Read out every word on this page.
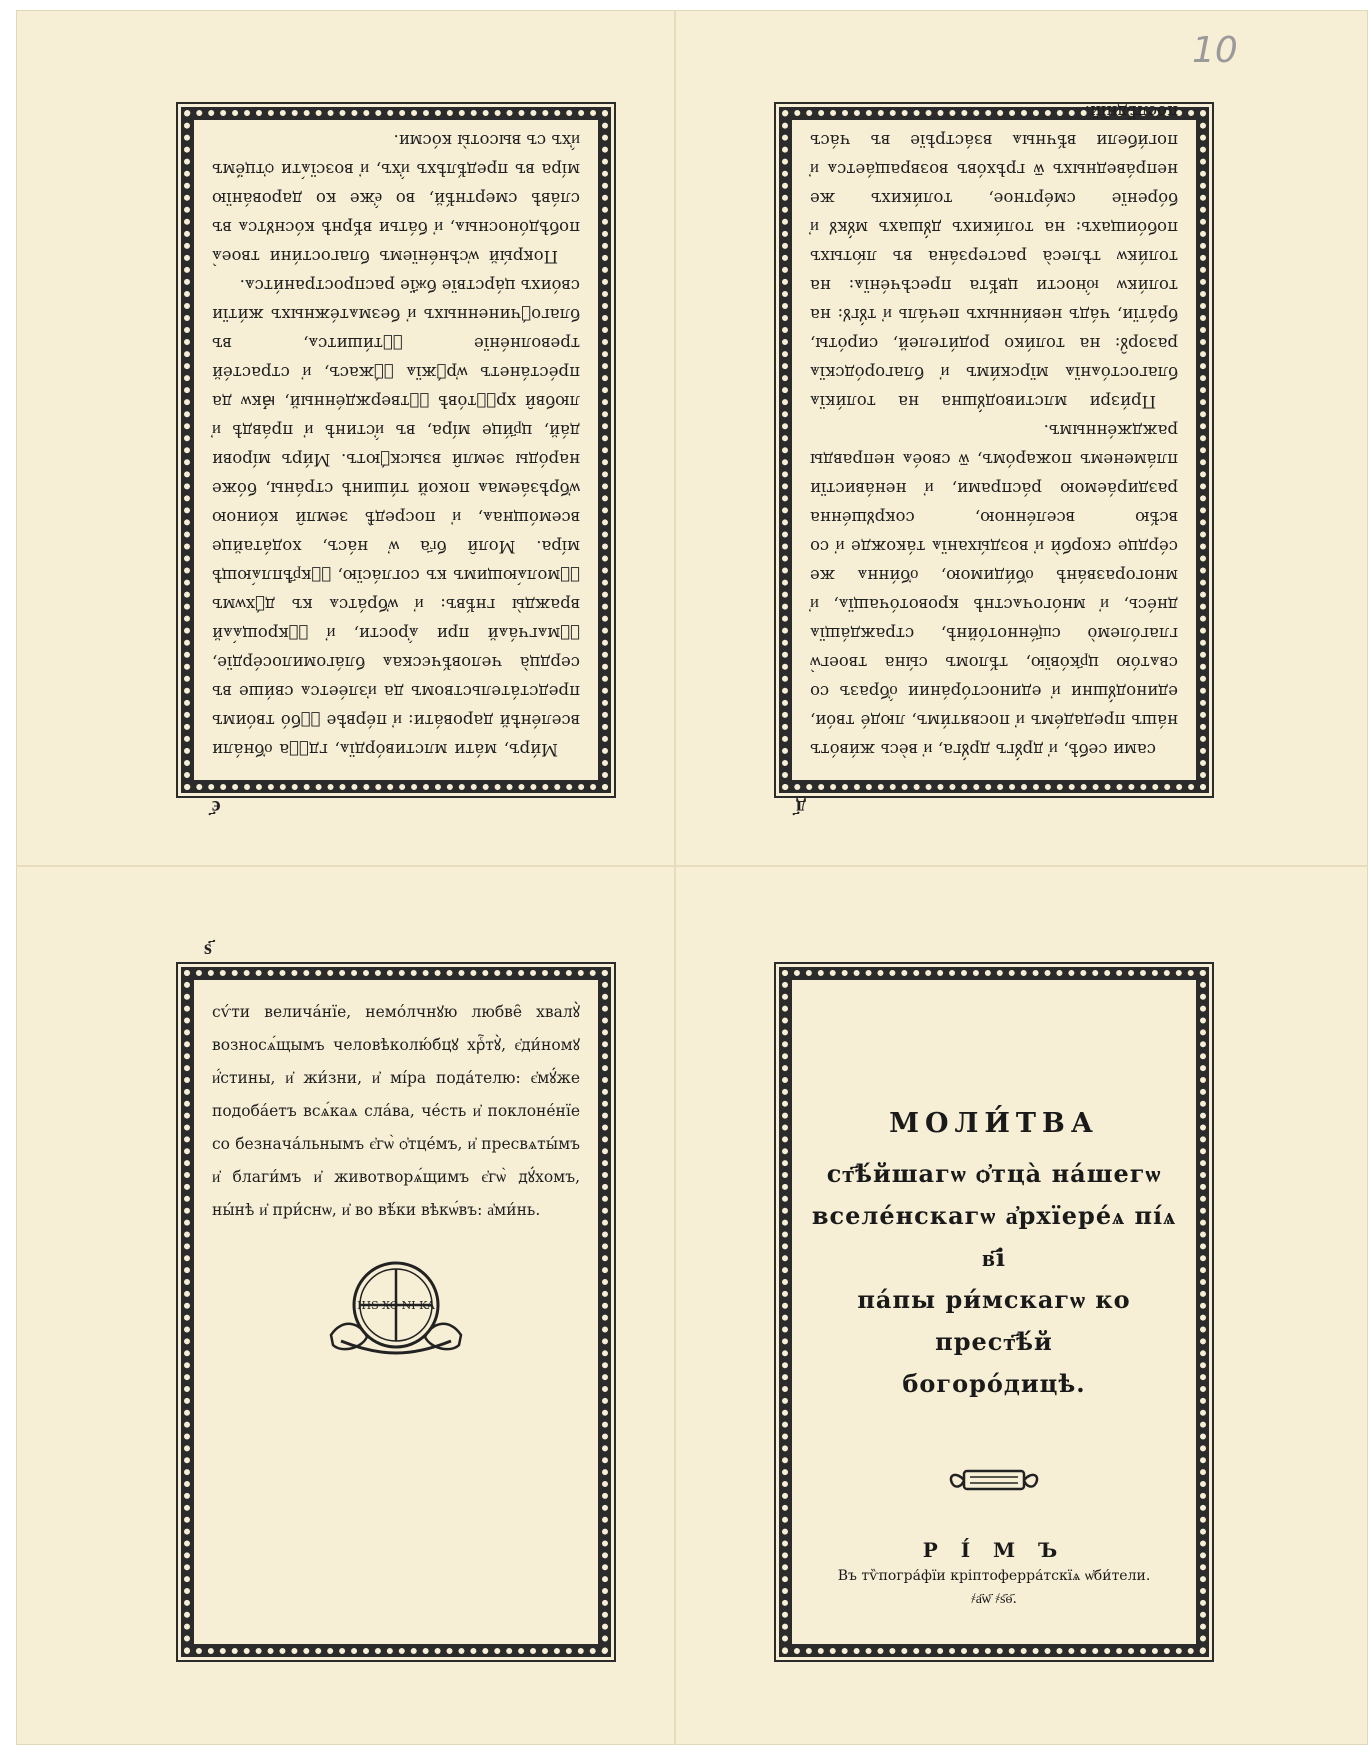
10

Ми́ръ, ма́ти млcтиво́рдїѧ, гдⷭ҇а о҆бна́ли вселе́нѣй дарова́ти: и҆ пе́рвѣе ꙋ҆бо́ тво́имъ предста́тельствомъ да и҆зле́етсѧ сви́ше въ сердца̀ человѣ́чєскаѧ бла́гомилосе́рдїе, ꙋ҆мѧгча́ѧй при ѧ҆́рости, и҆ ꙋ҆крощѧ́ѧй вражды̀ гнѣ́въ: и҆ ѡ҆бра́тсѧ къ дꙋ́хѡмъ ꙋ҆молѧ́ющимъ къ согла́сїю, ꙋ҆кр҃ѣплѧ́ющѣ мі́ра. Моли̑ бг҃а ѡ҆ на́съ, хода́тайце всемо́щнаѧ, и҆ посредѣ̀ земли̑ ко́иною ѡ҆брѣза́емаѧ покой ти́шинѣ стра́ны, бо́же наро́ды земли̑ взыскꙋ́ютъ. Ми́ръ мі́рови да́й, цр҃и́це мі́ра, въ и҆́стинѣ и҆ пра́вдѣ и҆ любви̑ хрⷭ҇то́вѣ ꙋ҆твержде́нный, ꙗ҆́кѡ да пре́ста́нетъ ѡ҆рꙋ́жїѧ ꙋ҆́жасъ, и҆ страсте́й треволне́нїе ꙋ҆ти́шитсѧ, въ благоꙋ́чиненныхъ и҆ безмѧте́жныхъ жи́тїи сво́ихъ ца́рствїе бж҃їе распространи́тсѧ.

Покры́й ѡ҆сѣне́нїемъ благости́ни твоеѧ̀ побѣдо́носныѧ, и҆ ба́тьи вѣ́рнѣ ко́снꙋтсѧ въ сла́вѣ смертнѣ́й, во е҆́же ко дарова́нїю мі́ра въ предѣ́лѣхъ и҆́хъ, и҆ возсїѧ́ти ѻ҆тцё́мъ и҆́хъ съ высоты̀ ко́сми.

є҃

сами себѣ, и҆ дрꙋ́гъ дрꙋ́га, и҆ вѐсь жи́во́тъ на́шъ предаде́мъ и҆ посвяти́мъ, люде́ тво́и, единодꙋ́шни и҆ единосто́ра́нии о҆́бразъ со свѧто́ю цр҃ко́вїю, тѣ́ломъ сы́на твоегѡ̀ глаго́лемо̀ сщ҃е́нното́йнѣ, стражда́щїѧ дне́сь, и҆ мно́гочѧстнѣ кровото́чащїѧ, и҆ многоразва́нѣ о҆би́димою, о҆би́ннѧ же се́рдце скорбѝ и҆ возды́ханїѧ та́кожде и҆ со всѣ́ю вселе́нною, сокрꙋше́нна раздира́емою ра́спрами, и҆ нена́вистїи пла́менемъ пожаро́мъ, ѿ свое́ѧ неправды раждже́ннымъ.

При́зри млcтиводꙋ́шна на толи́кїѧ благосто́ѧнїѧ мїрски́мъ и҆ благоро́дскїѧ разорꙋ̑: на толи́ко роди́телей, сиро́ты, бра́тїи, ча́дъ неви́нныхъ печа́ль и҆ тꙋ́гꙋ: на толи́кѡ ю҆́ности цвѣ́та пресѣче́нїѧ: на толи́кѡ тѣлеса̀ растерза́на въ лю́тыхъ побо́ищахъ: на толи́кихъ дꙋ́шахъ мꙋ́кꙋ и҆ бо́ренїе сме́ртное, толи́кихъ же непра́ведныхъ ѿ грѣхо́въ возвраща́етсѧ и҆ поги́бели вѣ́чныѧ вза́стрѣїе въ ча́съ послѣ́днїй.

д҃
ѕ҃

сѵ́ти велича́нїе, немо́лчнꙋю любве̑ хвалꙋ̀ возносѧ́щымъ человѣколю́бцꙋ хрⷭ҇тꙋ̀, є҆ди́номꙋ и҆́стины, и҆ жи́зни, и҆ мі́ра пода́телю: є҆мꙋ́же подоба́етъ всѧ́каѧ сла́ва, че́сть и҆ поклоне́нїе со безнача́льнымъ є҆гѡ̀ ѻ҆тце́мъ, и҆ пресвѧты́мъ и҆ благи́мъ и҆ животворѧ́щимъ є҆гѡ̀ дꙋ́хомъ, ны́нѣ и҆ при́снѡ, и҆ во вѣ́ки вѣкѡ́въ: а҆ми́нь.

IHЅ XC NI KA
МОЛИ́ТВА
ст҃ѣ́йшагѡ ѻ҆тца̀ на́шегѡ
вселе́нскагѡ а҆рхїере́ѧ пі́ѧ в҃і
па́пы ри́мскагѡ ко прест҃ѣ́й
богоро́дицѣ.
Р І́ М Ъ
Въ тѷпогра́фїи кріптоферра́тскїѧ ѡ҆би́тели.
҂а҃ѡ҃ ҂ѕ҃ѳ҃.
